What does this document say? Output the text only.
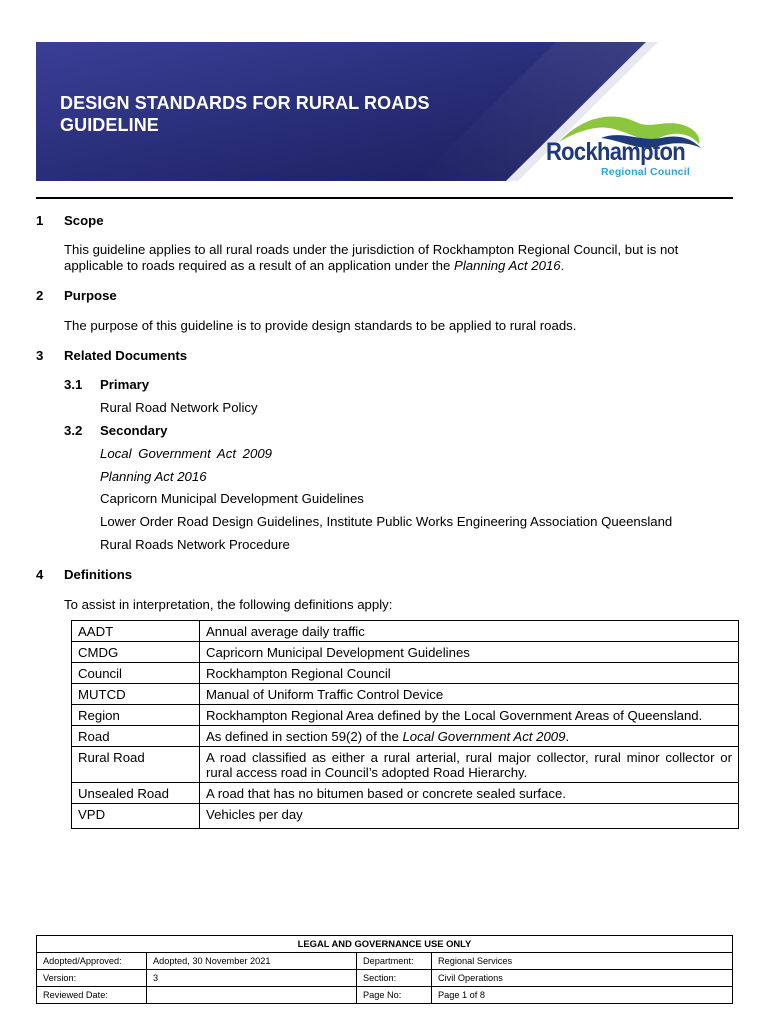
DESIGN STANDARDS FOR RURAL ROADS
GUIDELINE
Rockhampton
Regional Council
1 Scope
This guideline applies to all rural roads under the jurisdiction of Rockhampton Regional Council, but is not applicable to roads required as a result of an application under the Planning Act 2016.
2 Purpose
The purpose of this guideline is to provide design standards to be applied to rural roads.
3 Related Documents
3.1 Primary
Rural Road Network Policy
3.2 Secondary
Local Government Act 2009
Planning Act 2016
Capricorn Municipal Development Guidelines
Lower Order Road Design Guidelines, Institute Public Works Engineering Association Queensland
Rural Roads Network Procedure
4 Definitions
To assist in interpretation, the following definitions apply:
AADT	Annual average daily traffic
CMDG	Capricorn Municipal Development Guidelines
Council	Rockhampton Regional Council
MUTCD	Manual of Uniform Traffic Control Device
Region	Rockhampton Regional Area defined by the Local Government Areas of Queensland.
Road	As defined in section 59(2) of the Local Government Act 2009.
Rural Road	A road classified as either a rural arterial, rural major collector, rural minor collector or rural access road in Council’s adopted Road Hierarchy.
Unsealed Road	A road that has no bitumen based or concrete sealed surface.
VPD	Vehicles per day
LEGAL AND GOVERNANCE USE ONLY			
Adopted/Approved:	Adopted, 30 November 2021	Department:	Regional Services
Version:	3	Section:	Civil Operations
Reviewed Date:		Page No:	Page 1 of 8
